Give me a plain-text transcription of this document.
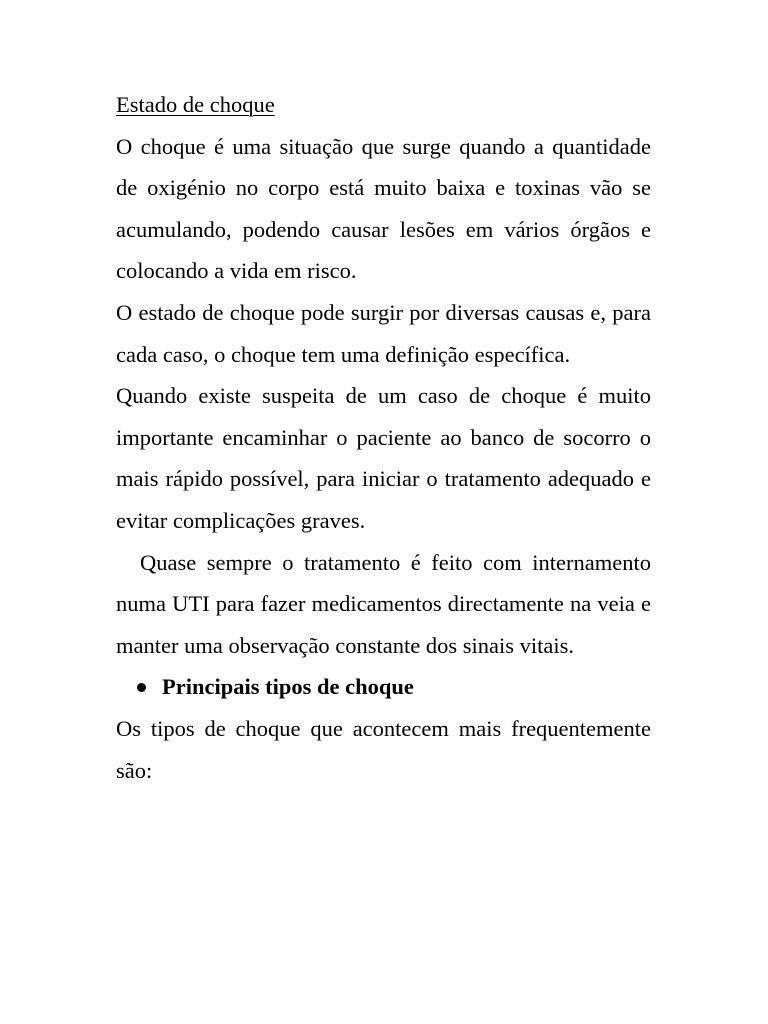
Estado de choque

O choque é uma situação que surge quando a quantidade de oxigénio no corpo está muito baixa e toxinas vão se acumulando, podendo causar lesões em vários órgãos e colocando a vida em risco.

O estado de choque pode surgir por diversas causas e, para cada caso, o choque tem uma definição específica.

Quando existe suspeita de um caso de choque é muito importante encaminhar o paciente ao banco de socorro o mais rápido possível, para iniciar o tratamento adequado e evitar complicações graves.

Quase sempre o tratamento é feito com internamento numa UTI para fazer medicamentos directamente na veia e manter uma observação constante dos sinais vitais.

Principais tipos de choque

Os tipos de choque que acontecem mais frequentemente são:
